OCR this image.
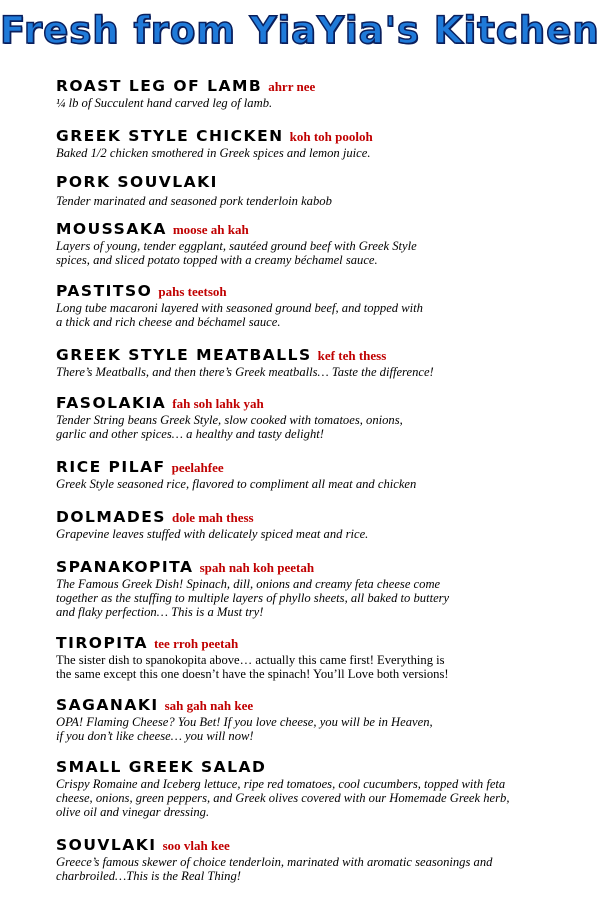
Fresh from YiaYia's Kitchen
ROAST LEG OF LAMB ahrr nee
¼ lb of Succulent hand carved leg of lamb.
GREEK STYLE CHICKEN koh toh pooloh
Baked 1/2 chicken smothered in Greek spices and lemon juice.
PORK SOUVLAKI
Tender marinated and seasoned pork tenderloin kabob
MOUSSAKA moose ah kah
Layers of young, tender eggplant, sautéed ground beef with Greek Style
spices, and sliced potato topped with a creamy béchamel sauce.
PASTITSO pahs teetsoh
Long tube macaroni layered with seasoned ground beef, and topped with
a thick and rich cheese and béchamel sauce.
GREEK STYLE MEATBALLS kef teh thess
There’s Meatballs, and then there’s Greek meatballs… Taste the difference!
FASOLAKIA fah soh lahk yah
Tender String beans Greek Style, slow cooked with tomatoes, onions,
garlic and other spices… a healthy and tasty delight!
RICE PILAF peelahfee
Greek Style seasoned rice, flavored to compliment all meat and chicken
DOLMADES dole mah thess
Grapevine leaves stuffed with delicately spiced meat and rice.
SPANAKOPITA spah nah koh peetah
The Famous Greek Dish! Spinach, dill, onions and creamy feta cheese come
together as the stuffing to multiple layers of phyllo sheets, all baked to buttery
and flaky perfection… This is a Must try!
TIROPITA tee rroh peetah
The sister dish to spanokopita above… actually this came first! Everything is
the same except this one doesn’t have the spinach! You’ll Love both versions!
SAGANAKI sah gah nah kee
OPA! Flaming Cheese? You Bet! If you love cheese, you will be in Heaven,
if you don’t like cheese… you will now!
SMALL GREEK SALAD
Crispy Romaine and Iceberg lettuce, ripe red tomatoes, cool cucumbers, topped with feta
cheese, onions, green peppers, and Greek olives covered with our Homemade Greek herb,
olive oil and vinegar dressing.
SOUVLAKI soo vlah kee
Greece’s famous skewer of choice tenderloin, marinated with aromatic seasonings and
charbroiled…This is the Real Thing!
